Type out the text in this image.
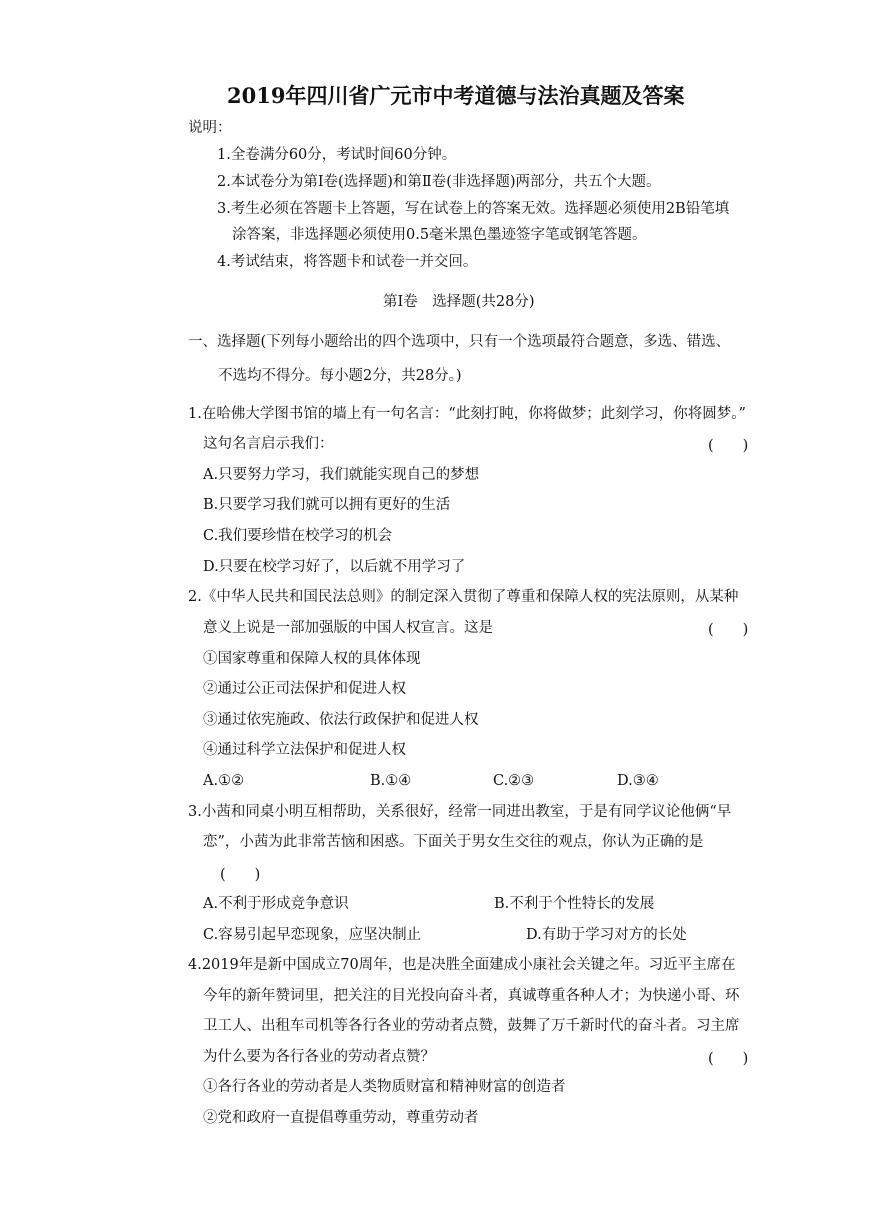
2019年四川省广元市中考道德与法治真题及答案
说明：
1.全卷满分60分，考试时间60分钟。
2.本试卷分为第Ⅰ卷(选择题)和第Ⅱ卷(非选择题)两部分，共五个大题。
3.考生必须在答题卡上答题，写在试卷上的答案无效。选择题必须使用2B铅笔填
涂答案，非选择题必须使用0.5毫米黑色墨迹签字笔或钢笔答题。
4.考试结束，将答题卡和试卷一并交回。
第Ⅰ卷　选择题(共28分)
一、选择题(下列每小题给出的四个选项中，只有一个选项最符合题意，多选、错选、
不选均不得分。每小题2分，共28分。)
1.在哈佛大学图书馆的墙上有一句名言：“此刻打盹，你将做梦；此刻学习，你将圆梦。”
这句名言启示我们：	(　　)
A.只要努力学习，我们就能实现自己的梦想
B.只要学习我们就可以拥有更好的生活
C.我们要珍惜在校学习的机会
D.只要在校学习好了，以后就不用学习了
2.《中华人民共和国民法总则》的制定深入贯彻了尊重和保障人权的宪法原则，从某种
意义上说是一部加强版的中国人权宣言。这是	(　　)
①国家尊重和保障人权的具体体现
②通过公正司法保护和促进人权
③通过依宪施政、依法行政保护和促进人权
④通过科学立法保护和促进人权
A.①②	B.①④	C.②③	D.③④
3.小茜和同桌小明互相帮助，关系很好，经常一同进出教室，于是有同学议论他俩“早
恋”，小茜为此非常苦恼和困惑。下面关于男女生交往的观点，你认为正确的是
(　　)
A.不利于形成竞争意识	B.不利于个性特长的发展
C.容易引起早恋现象，应坚决制止	D.有助于学习对方的长处
4.2019年是新中国成立70周年，也是决胜全面建成小康社会关键之年。习近平主席在
今年的新年赞词里，把关注的目光投向奋斗者，真诚尊重各种人才；为快递小哥、环
卫工人、出租车司机等各行各业的劳动者点赞，鼓舞了万千新时代的奋斗者。习主席
为什么要为各行各业的劳动者点赞？	(　　)
①各行各业的劳动者是人类物质财富和精神财富的创造者
②党和政府一直提倡尊重劳动，尊重劳动者
